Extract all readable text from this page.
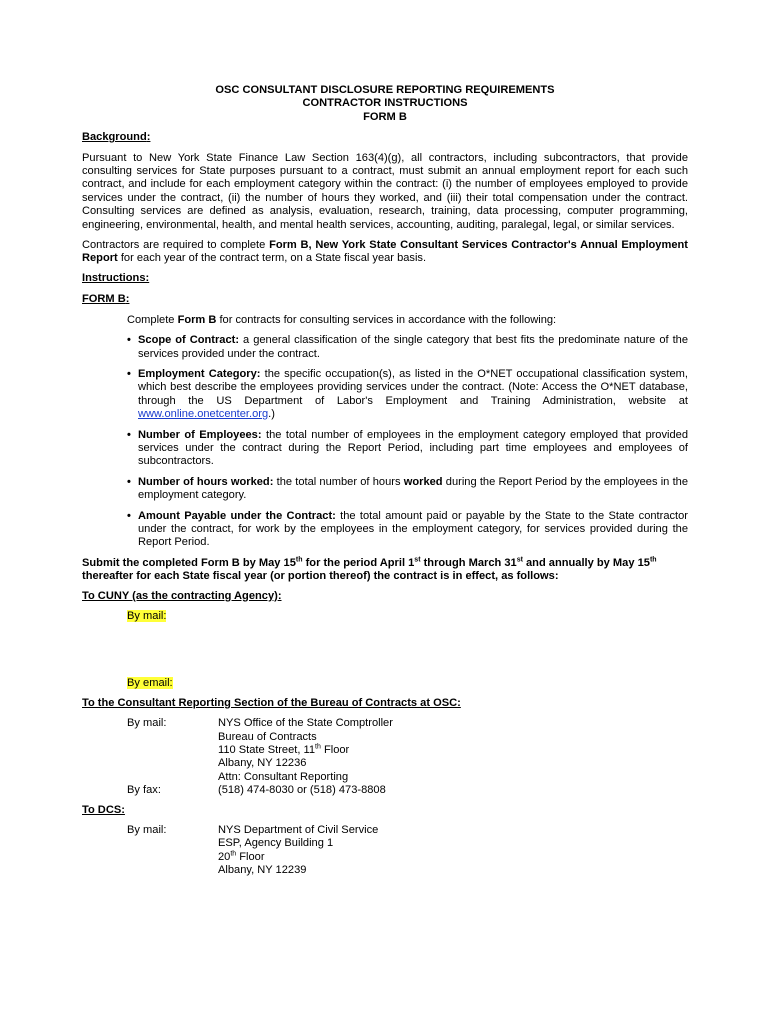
OSC CONSULTANT DISCLOSURE REPORTING REQUIREMENTS
CONTRACTOR INSTRUCTIONS
FORM B
Background:

Pursuant to New York State Finance Law Section 163(4)(g), all contractors, including subcontractors, that provide consulting services for State purposes pursuant to a contract, must submit an annual employment report for each such contract, and include for each employment category within the contract: (i) the number of employees employed to provide services under the contract, (ii) the number of hours they worked, and (iii) their total compensation under the contract. Consulting services are defined as analysis, evaluation, research, training, data processing, computer programming, engineering, environmental, health, and mental health services, accounting, auditing, paralegal, legal, or similar services.

Contractors are required to complete Form B, New York State Consultant Services Contractor's Annual Employment Report for each year of the contract term, on a State fiscal year basis.

Instructions:
FORM B:

Complete Form B for contracts for consulting services in accordance with the following:

• Scope of Contract: a general classification of the single category that best fits the predominate nature of the services provided under the contract.
• Employment Category: the specific occupation(s), as listed in the O*NET occupational classification system, which best describe the employees providing services under the contract. (Note: Access the O*NET database, through the US Department of Labor's Employment and Training Administration, website at www.online.onetcenter.org.)
• Number of Employees: the total number of employees in the employment category employed that provided services under the contract during the Report Period, including part time employees and employees of subcontractors.
• Number of hours worked: the total number of hours worked during the Report Period by the employees in the employment category.
• Amount Payable under the Contract: the total amount paid or payable by the State to the State contractor under the contract, for work by the employees in the employment category, for services provided during the Report Period.

Submit the completed Form B by May 15th for the period April 1st through March 31st and annually by May 15th thereafter for each State fiscal year (or portion thereof) the contract is in effect, as follows:

To CUNY (as the contracting Agency):

By mail:

By email:

To the Consultant Reporting Section of the Bureau of Contracts at OSC:
By mail:	NYS Office of the State Comptroller
Bureau of Contracts
110 State Street, 11th Floor
Albany, NY 12236
Attn: Consultant Reporting
By fax:	(518) 474-8030 or (518) 473-8808
To DCS:
By mail:	NYS Department of Civil Service
ESP, Agency Building 1
20th Floor
Albany, NY 12239
